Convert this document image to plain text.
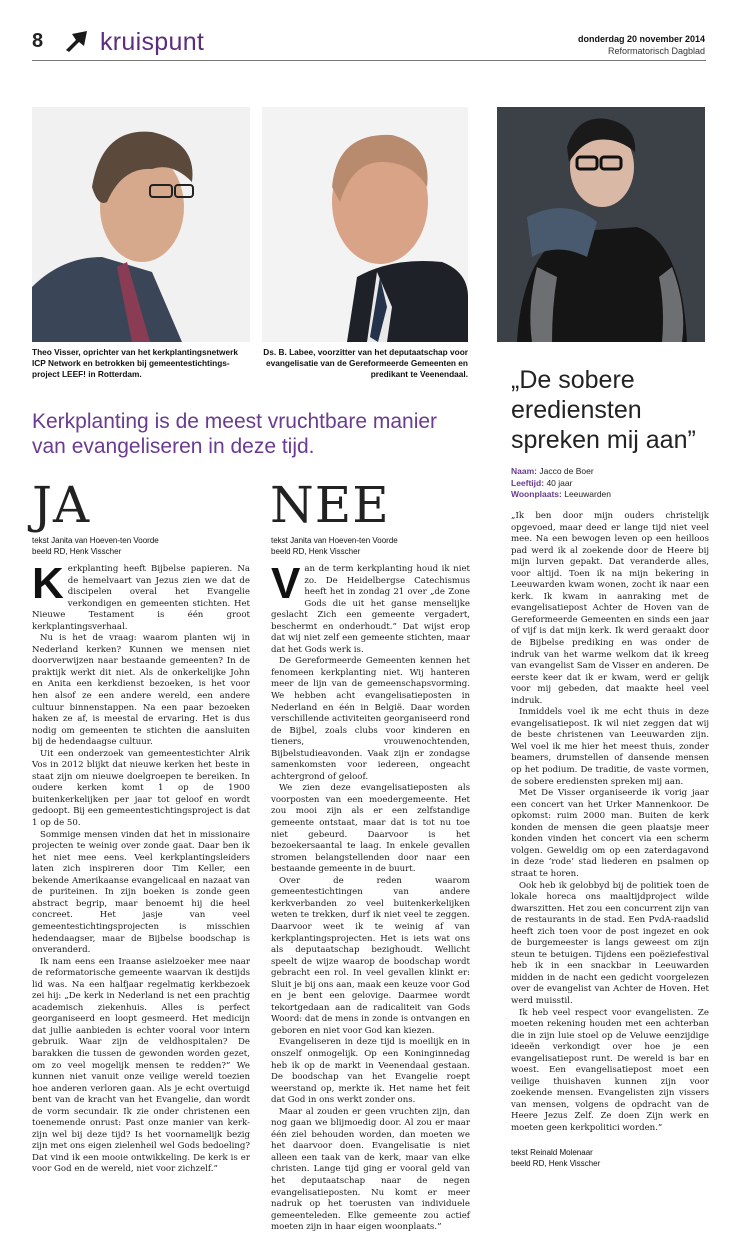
8 kruispunt	donderdag 20 november 2014
Reformatorisch Dagblad
Theo Visser, oprichter van het kerkplantingsnetwerk ICP Network en betrokken bij gemeentestichtings-project LEEF! in Rotterdam.
Ds. B. Labee, voorzitter van het deputaatschap voor evangelisatie van de Gereformeerde Gemeenten en predikant te Veenendaal.
Kerkplanting is de meest vruchtbare manier van evangeliseren in deze tijd.
JA
tekst Janita van Hoeven-ten Voorde
beeld RD, Henk Visscher

Kerkplanting heeft Bijbelse papieren. Na de hemelvaart van Jezus zien we dat de discipelen overal het Evangelie verkondigen en gemeenten stichten. Het Nieuwe Testament is één groot kerkplantingsverhaal.

Nu is het de vraag: waarom planten wij in Nederland kerken? Kunnen we mensen niet doorverwijzen naar bestaande gemeenten? In de praktijk werkt dit niet. Als de onkerkelijke John en Anita een kerkdienst bezoeken, is het voor hen alsof ze een andere wereld, een andere cultuur binnenstappen. Na een paar bezoeken haken ze af, is meestal de ervaring. Het is dus nodig om gemeenten te stichten die aansluiten bij de hedendaagse cultuur.

Uit een onderzoek van gemeentestichter Alrik Vos in 2012 blijkt dat nieuwe kerken het beste in staat zijn om nieuwe doelgroepen te bereiken. In oudere kerken komt 1 op de 1900 buitenkerkelijken per jaar tot geloof en wordt gedoopt. Bij een gemeentestichtingsproject is dat 1 op de 50.

Sommige mensen vinden dat het in missionaire projecten te weinig over zonde gaat. Daar ben ik het niet mee eens. Veel kerkplantingsleiders laten zich inspireren door Tim Keller, een bekende Amerikaanse evangelicaal en nazaat van de puriteinen. In zijn boeken is zonde geen abstract begrip, maar benoemt hij die heel concreet. Het jasje van veel gemeentestichtingsprojecten is misschien hedendaagser, maar de Bijbelse boodschap is onveranderd.

Ik nam eens een Iraanse asielzoeker mee naar de reformatorische gemeente waarvan ik destijds lid was. Na een halfjaar regelmatig kerkbezoek zei hij: „De kerk in Nederland is net een prachtig academisch ziekenhuis. Alles is perfect georganiseerd en loopt gesmeerd. Het medicijn dat jullie aanbieden is echter vooral voor intern gebruik. Waar zijn de veldhospitalen? De barakken die tussen de gewonden worden gezet, om zo veel mogelijk mensen te redden?” We kunnen niet vanuit onze veilige wereld toezien hoe anderen verloren gaan. Als je echt overtuigd bent van de kracht van het Evangelie, dan wordt de vorm secundair. Ik zie onder christenen een toenemende onrust: Past onze manier van kerk-zijn wel bij deze tijd? Is het voornamelijk bezig zijn met ons eigen zielenheil wel Gods bedoeling? Dat vind ik een mooie ontwikkeling. De kerk is er voor God en de wereld, niet voor zichzelf.”

NEE
tekst Janita van Hoeven-ten Voorde
beeld RD, Henk Visscher

Van de term kerkplanting houd ik niet zo. De Heidelbergse Catechismus heeft het in zondag 21 over „de Zone Gods die uit het ganse menselijke geslacht Zich een gemeente vergadert, beschermt en onderhoudt.” Dat wijst erop dat wij niet zelf een gemeente stichten, maar dat het Gods werk is.

De Gereformeerde Gemeenten kennen het fenomeen kerkplanting niet. Wij hanteren meer de lijn van de gemeenschapsvorming. We hebben acht evangelisatieposten in Nederland en één in België. Daar worden verschillende activiteiten georganiseerd rond de Bijbel, zoals clubs voor kinderen en tieners, vrouwenochtenden, Bijbelstudieavonden. Vaak zijn er zondagse samenkomsten voor iedereen, ongeacht achtergrond of geloof.

We zien deze evangelisatieposten als voorposten van een moedergemeente. Het zou mooi zijn als er een zelfstandige gemeente ontstaat, maar dat is tot nu toe niet gebeurd. Daarvoor is het bezoekersaantal te laag. In enkele gevallen stromen belangstellenden door naar een bestaande gemeente in de buurt.

Over de reden waarom gemeentestichtingen van andere kerkverbanden zo veel buitenkerkelijken weten te trekken, durf ik niet veel te zeggen. Daarvoor weet ik te weinig af van kerkplantingsprojecten. Het is iets wat ons als deputaatschap bezighoudt. Wellicht speelt de wijze waarop de boodschap wordt gebracht een rol. In veel gevallen klinkt er: Sluit je bij ons aan, maak een keuze voor God en je bent een gelovige. Daarmee wordt tekortgedaan aan de radicaliteit van Gods Woord: dat de mens in zonde is ontvangen en geboren en niet voor God kan kiezen.

Evangeliseren in deze tijd is moeilijk en in onszelf onmogelijk. Op een Koninginnedag heb ik op de markt in Veenendaal gestaan. De boodschap van het Evangelie roept weerstand op, merkte ik. Het name het feit dat God in ons werkt zonder ons.

Maar al zouden er geen vruchten zijn, dan nog gaan we blijmoedig door. Al zou er maar één ziel behouden worden, dan moeten we het daarvoor doen. Evangelisatie is niet alleen een taak van de kerk, maar van elke christen. Lange tijd ging er vooral geld van het deputaatschap naar de negen evangelisatieposten. Nu komt er meer nadruk op het toerusten van individuele gemeenteleden. Elke gemeente zou actief moeten zijn in haar eigen woonplaats.”

„De sobere erediensten spreken mij aan”
Naam: Jacco de Boer
Leeftijd: 40 jaar
Woonplaats: Leeuwarden

„Ik ben door mijn ouders christelijk opgevoed, maar deed er lange tijd niet veel mee. Na een bewogen leven op een heilloos pad werd ik al zoekende door de Heere bij mijn lurven gepakt. Dat veranderde alles, voor altijd. Toen ik na mijn bekering in Leeuwarden kwam wonen, zocht ik naar een kerk. Ik kwam in aanraking met de evangelisatiepost Achter de Hoven van de Gereformeerde Gemeenten en sinds een jaar of vijf is dat mijn kerk. Ik werd geraakt door de Bijbelse prediking en was onder de indruk van het warme welkom dat ik kreeg van evangelist Sam de Visser en anderen. De eerste keer dat ik er kwam, werd er gelijk voor mij gebeden, dat maakte heel veel indruk.

Inmiddels voel ik me echt thuis in deze evangelisatiepost. Ik wil niet zeggen dat wij de beste christenen van Leeuwarden zijn. Wel voel ik me hier het meest thuis, zonder beamers, drumstellen of dansende mensen op het podium. De traditie, de vaste vormen, de sobere erediensten spreken mij aan.

Met De Visser organiseerde ik vorig jaar een concert van het Urker Mannenkoor. De opkomst: ruim 2000 man. Buiten de kerk konden de mensen die geen plaatsje meer konden vinden het concert via een scherm volgen. Geweldig om op een zaterdagavond in deze ‘rode’ stad liederen en psalmen op straat te horen.

Ook heb ik gelobbyd bij de politiek toen de lokale horeca ons maaltijdproject wilde dwarszitten. Het zou een concurrent zijn van de restaurants in de stad. Een PvdA-raadslid heeft zich toen voor de post ingezet en ook de burgemeester is langs geweest om zijn steun te betuigen. Tijdens een poëziefestival heb ik in een snackbar in Leeuwarden midden in de nacht een gedicht voorgelezen over de evangelist van Achter de Hoven. Het werd muisstil.

Ik heb veel respect voor evangelisten. Ze moeten rekening houden met een achterban die in zijn luie stoel op de Veluwe eenzijdige ideeën verkondigt over hoe je een evangelisatiepost runt. De wereld is bar en woest. Een evangelisatiepost moet een veilige thuishaven kunnen zijn voor zoekende mensen. Evangelisten zijn vissers van mensen, volgens de opdracht van de Heere Jezus Zelf. Ze doen Zijn werk en moeten geen kerkpolitici worden.”

tekst Reinald Molenaar
beeld RD, Henk Visscher
